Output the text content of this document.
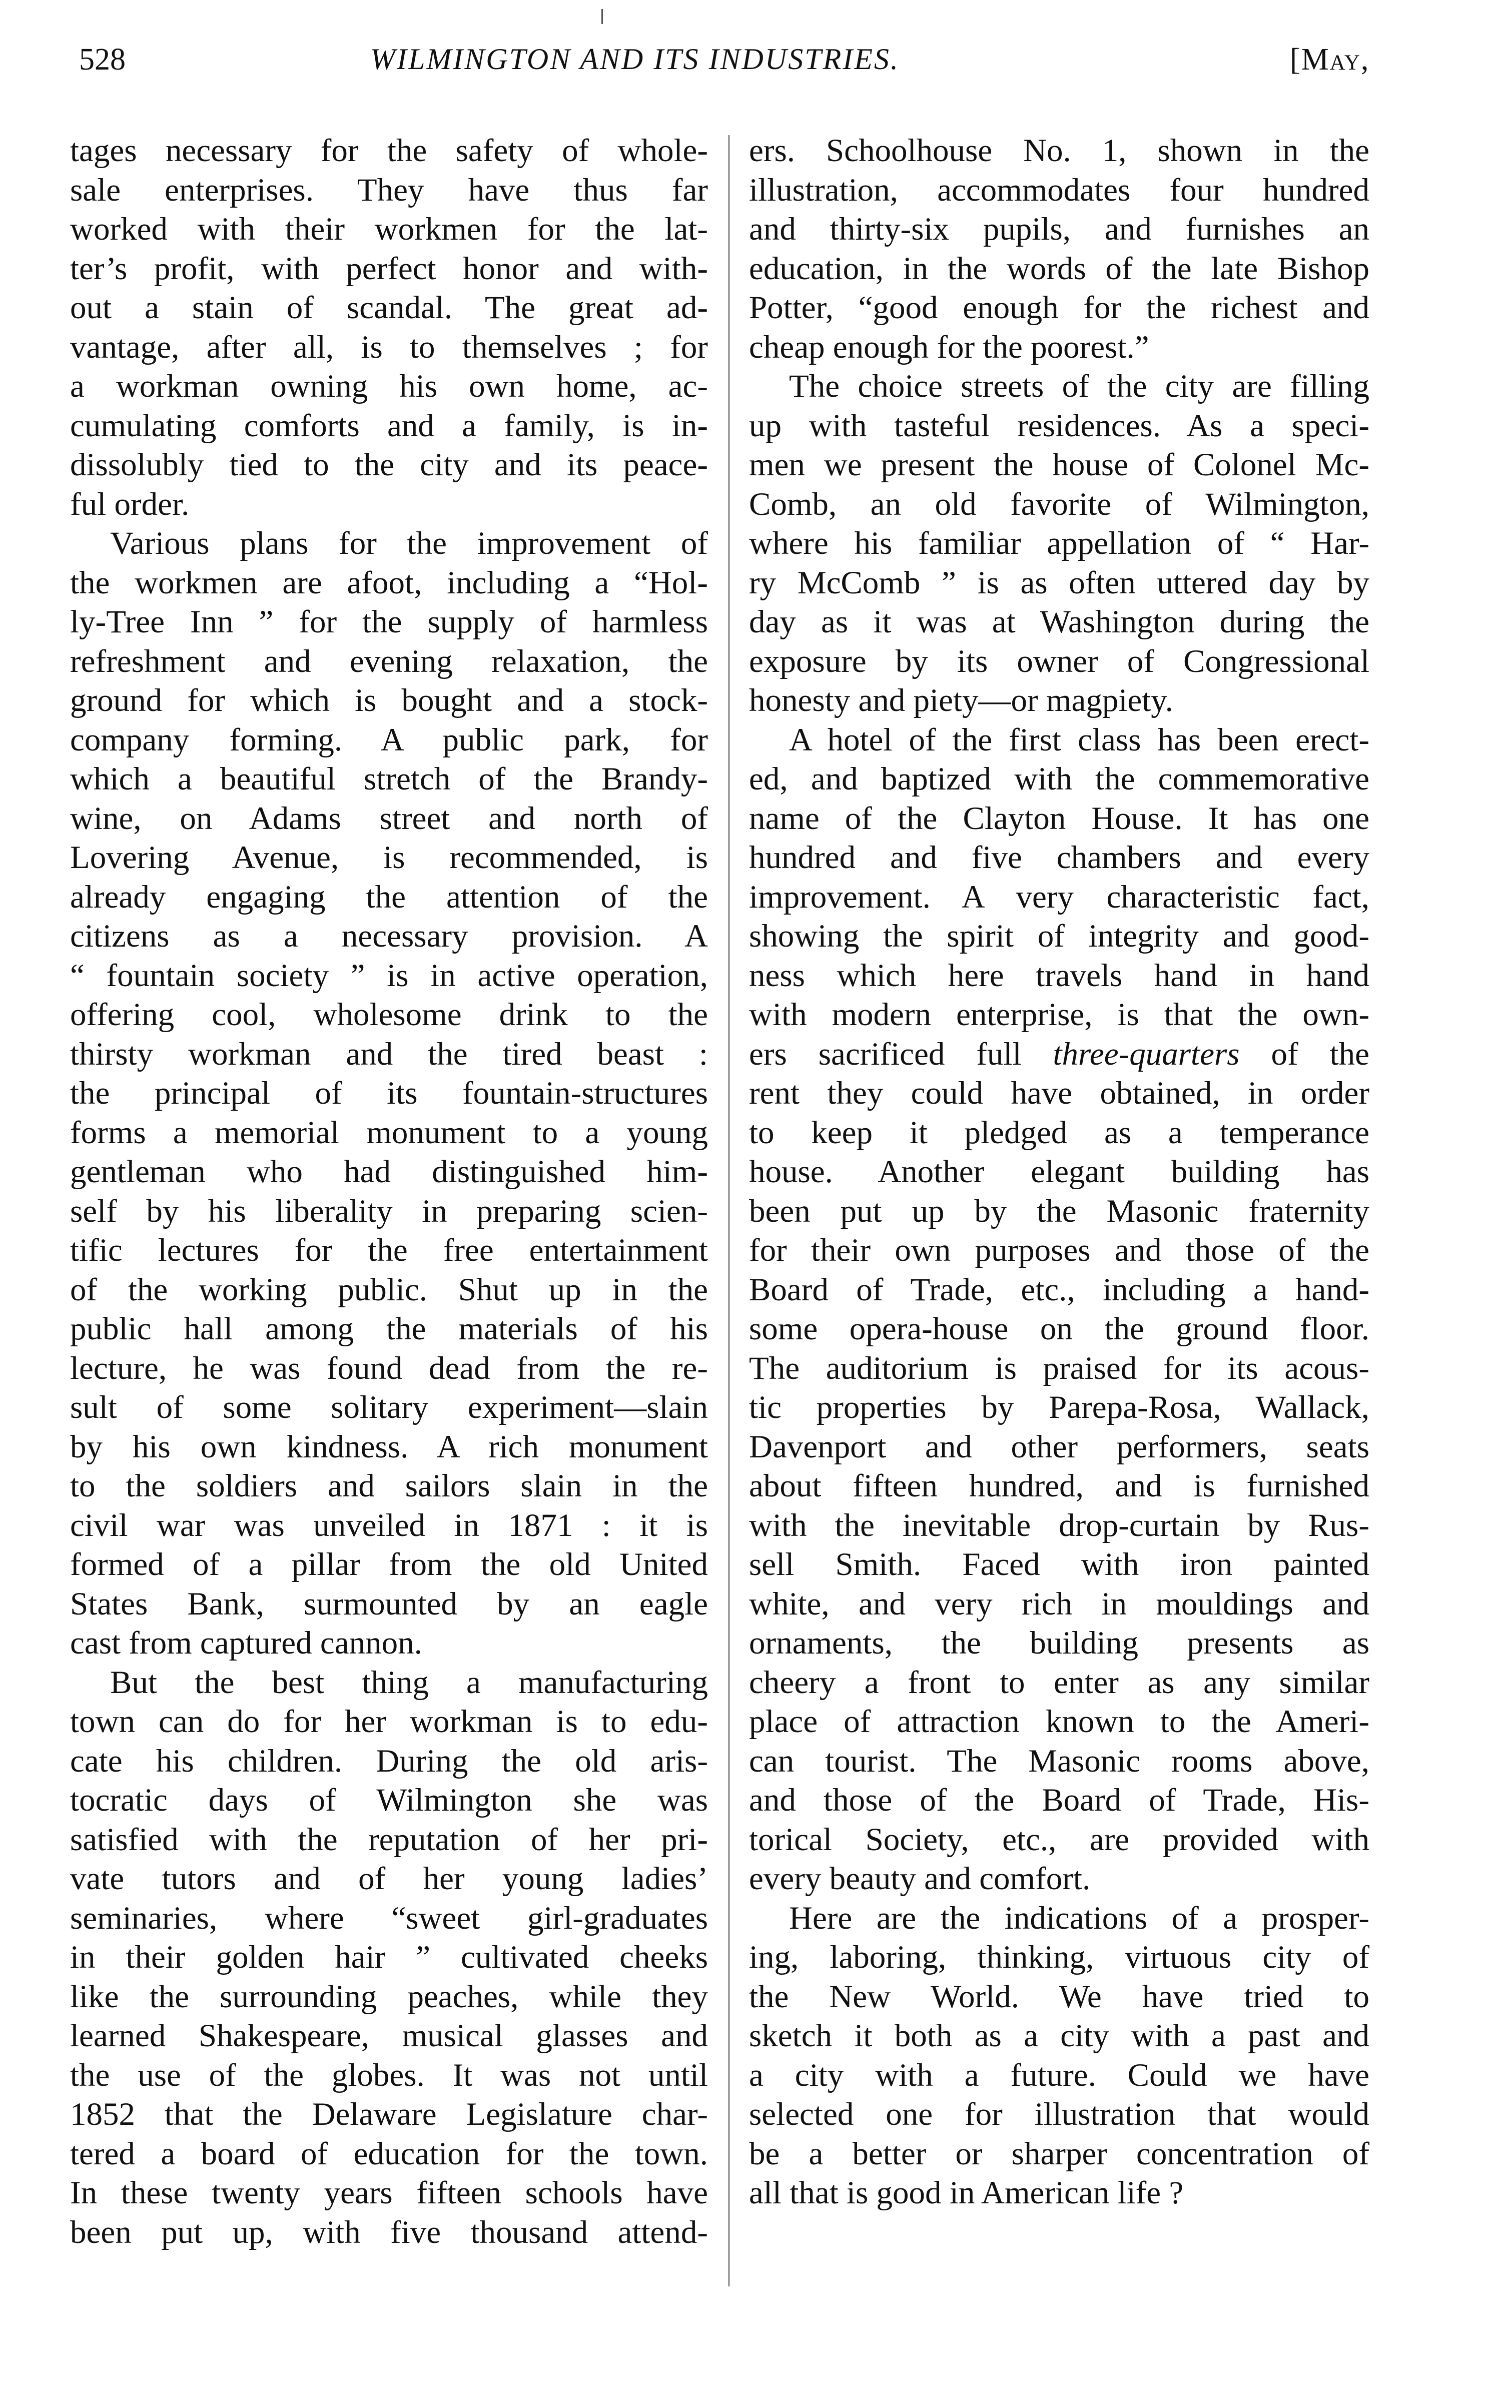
528	WILMINGTON AND ITS INDUSTRIES.	[May,
tages necessary for the safety of whole-
sale enterprises. They have thus far
worked with their workmen for the lat-
ter’s profit, with perfect honor and with-
out a stain of scandal. The great ad-
vantage, after all, is to themselves ; for
a workman owning his own home, ac-
cumulating comforts and a family, is in-
dissolubly tied to the city and its peace-
ful order.
Various plans for the improvement of
the workmen are afoot, including a “Hol-
ly-Tree Inn ” for the supply of harmless
refreshment and evening relaxation, the
ground for which is bought and a stock-
company forming. A public park, for
which a beautiful stretch of the Brandy-
wine, on Adams street and north of
Lovering Avenue, is recommended, is
already engaging the attention of the
citizens as a necessary provision. A
“ fountain society ” is in active operation,
offering cool, wholesome drink to the
thirsty workman and the tired beast :
the principal of its fountain-structures
forms a memorial monument to a young
gentleman who had distinguished him-
self by his liberality in preparing scien-
tific lectures for the free entertainment
of the working public. Shut up in the
public hall among the materials of his
lecture, he was found dead from the re-
sult of some solitary experiment—slain
by his own kindness. A rich monument
to the soldiers and sailors slain in the
civil war was unveiled in 1871 : it is
formed of a pillar from the old United
States Bank, surmounted by an eagle
cast from captured cannon.
But the best thing a manufacturing
town can do for her workman is to edu-
cate his children. During the old aris-
tocratic days of Wilmington she was
satisfied with the reputation of her pri-
vate tutors and of her young ladies’
seminaries, where “sweet girl-graduates
in their golden hair ” cultivated cheeks
like the surrounding peaches, while they
learned Shakespeare, musical glasses and
the use of the globes. It was not until
1852 that the Delaware Legislature char-
tered a board of education for the town.
In these twenty years fifteen schools have
been put up, with five thousand attend-
ers. Schoolhouse No. 1, shown in the
illustration, accommodates four hundred
and thirty-six pupils, and furnishes an
education, in the words of the late Bishop
Potter, “good enough for the richest and
cheap enough for the poorest.”
The choice streets of the city are filling
up with tasteful residences. As a speci-
men we present the house of Colonel Mc-
Comb, an old favorite of Wilmington,
where his familiar appellation of “ Har-
ry McComb ” is as often uttered day by
day as it was at Washington during the
exposure by its owner of Congressional
honesty and piety—or magpiety.
A hotel of the first class has been erect-
ed, and baptized with the commemorative
name of the Clayton House. It has one
hundred and five chambers and every
improvement. A very characteristic fact,
showing the spirit of integrity and good-
ness which here travels hand in hand
with modern enterprise, is that the own-
ers sacrificed full three-quarters of the
rent they could have obtained, in order
to keep it pledged as a temperance
house. Another elegant building has
been put up by the Masonic fraternity
for their own purposes and those of the
Board of Trade, etc., including a hand-
some opera-house on the ground floor.
The auditorium is praised for its acous-
tic properties by Parepa-Rosa, Wallack,
Davenport and other performers, seats
about fifteen hundred, and is furnished
with the inevitable drop-curtain by Rus-
sell Smith. Faced with iron painted
white, and very rich in mouldings and
ornaments, the building presents as
cheery a front to enter as any similar
place of attraction known to the Ameri-
can tourist. The Masonic rooms above,
and those of the Board of Trade, His-
torical Society, etc., are provided with
every beauty and comfort.
Here are the indications of a prosper-
ing, laboring, thinking, virtuous city of
the New World. We have tried to
sketch it both as a city with a past and
a city with a future. Could we have
selected one for illustration that would
be a better or sharper concentration of
all that is good in American life ?
